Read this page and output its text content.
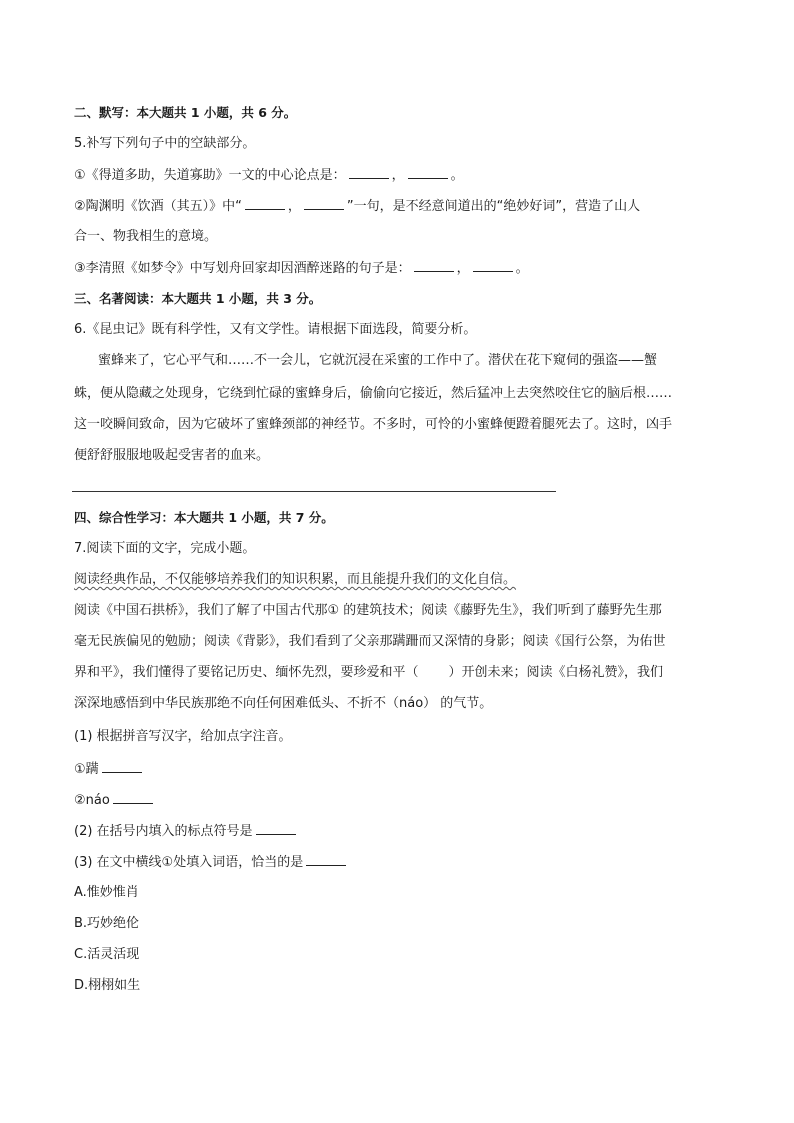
二、默写：本大题共 1 小题，共 6 分。
5.补写下列句子中的空缺部分。
①《得道多助，失道寡助》一文的中心论点是：	，	。
②陶渊明《饮酒（其五）》中“	，	”一句，是不经意间道出的“绝妙好词”，营造了山人
合一、物我相生的意境。
③李清照《如梦令》中写划舟回家却因酒醉迷路的句子是：	，	。
三、名著阅读：本大题共 1 小题，共 3 分。
6.《昆虫记》既有科学性，又有文学性。请根据下面选段，简要分析。
蜜蜂来了，它心平气和……不一会儿，它就沉浸在采蜜的工作中了。潜伏在花下窥伺的强盗——蟹
蛛，便从隐藏之处现身，它绕到忙碌的蜜蜂身后，偷偷向它接近，然后猛冲上去突然咬住它的脑后根……
这一咬瞬间致命，因为它破坏了蜜蜂颈部的神经节。不多时，可怜的小蜜蜂便蹬着腿死去了。这时，凶手
便舒舒服服地吸起受害者的血来。
四、综合性学习：本大题共 1 小题，共 7 分。
7.阅读下面的文字，完成小题。
阅读经典作品，不仅能够培养我们的知识积累，而且能提升我们的文化自信。
阅读《中国石拱桥》，我们了解了中国古代那① 的建筑技术；阅读《藤野先生》，我们听到了藤野先生那
毫无民族偏见的勉励；阅读《背影》，我们看到了父亲那蹒跚而又深情的身影；阅读《国行公祭，为佑世
界和平》，我们懂得了要铭记历史、缅怀先烈，要珍爱和平（ ）开创未来；阅读《白杨礼赞》，我们
深深地感悟到中华民族那绝不向任何困难低头、不折不（náo） 的气节。
(1) 根据拼音写汉字，给加点字注音。
①蹒
②náo
(2) 在括号内填入的标点符号是
(3) 在文中横线①处填入词语，恰当的是
A.惟妙惟肖
B.巧妙绝伦
C.活灵活现
D.栩栩如生
